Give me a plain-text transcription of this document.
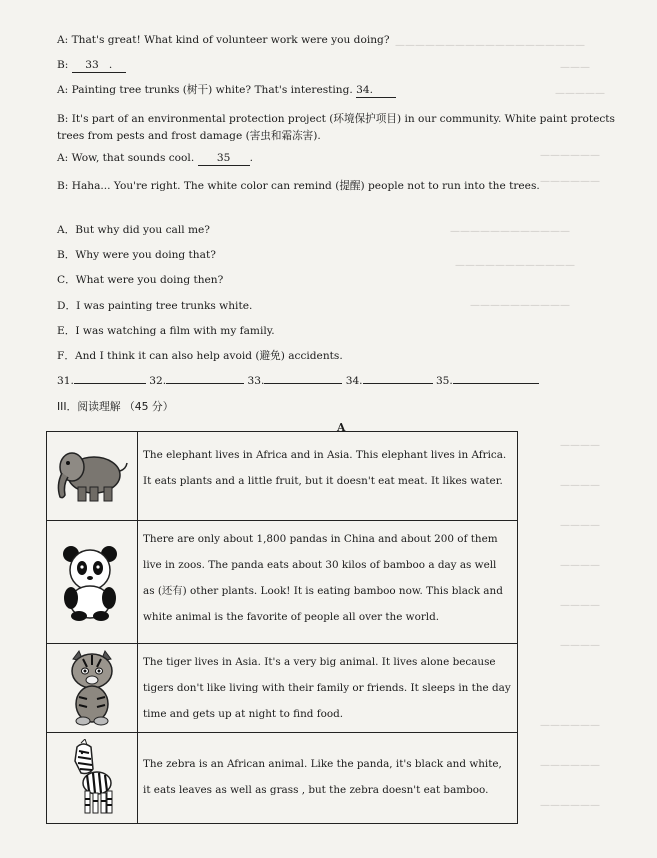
———————————————————
———
—————
——————
——————
————————————
————————————
——————————
————
————
————
————
————
————
——————
——————
——————
A: That's great! What kind of volunteer work were you doing?
B: 33 .
A: Painting tree trunks (树干) white? That's interesting. 34.
B: It's part of an environmental protection project (环境保护项目) in our community. White paint protects trees from pests and frost damage (害虫和霜冻害).
A: Wow, that sounds cool. 35 .
B: Haha... You're right. The white color can remind (提醒) people not to run into the trees.
A．But why did you call me?
B．Why were you doing that?
C．What were you doing then?
D．I was painting tree trunks white.
E．I was watching a film with my family.
F．And I think it can also help avoid (避免) accidents.
31.	32.	33.	34.	35.
III．阅读理解 （45 分）
A

The elephant lives in Africa and in Asia. This elephant lives in Africa. It eats plants and a little fruit, but it doesn't eat meat. It likes water.

There are only about 1,800 pandas in China and about 200 of them live in zoos. The panda eats about 30 kilos of bamboo a day as well as (还有) other plants. Look! It is eating bamboo now. This black and white animal is the favorite of people all over the world.

The tiger lives in Asia. It's a very big animal. It lives alone because tigers don't like living with their family or friends. It sleeps in the day time and gets up at night to find food.

The zebra is an African animal. Like the panda, it's black and white, it eats leaves as well as grass , but the zebra doesn't eat bamboo.
